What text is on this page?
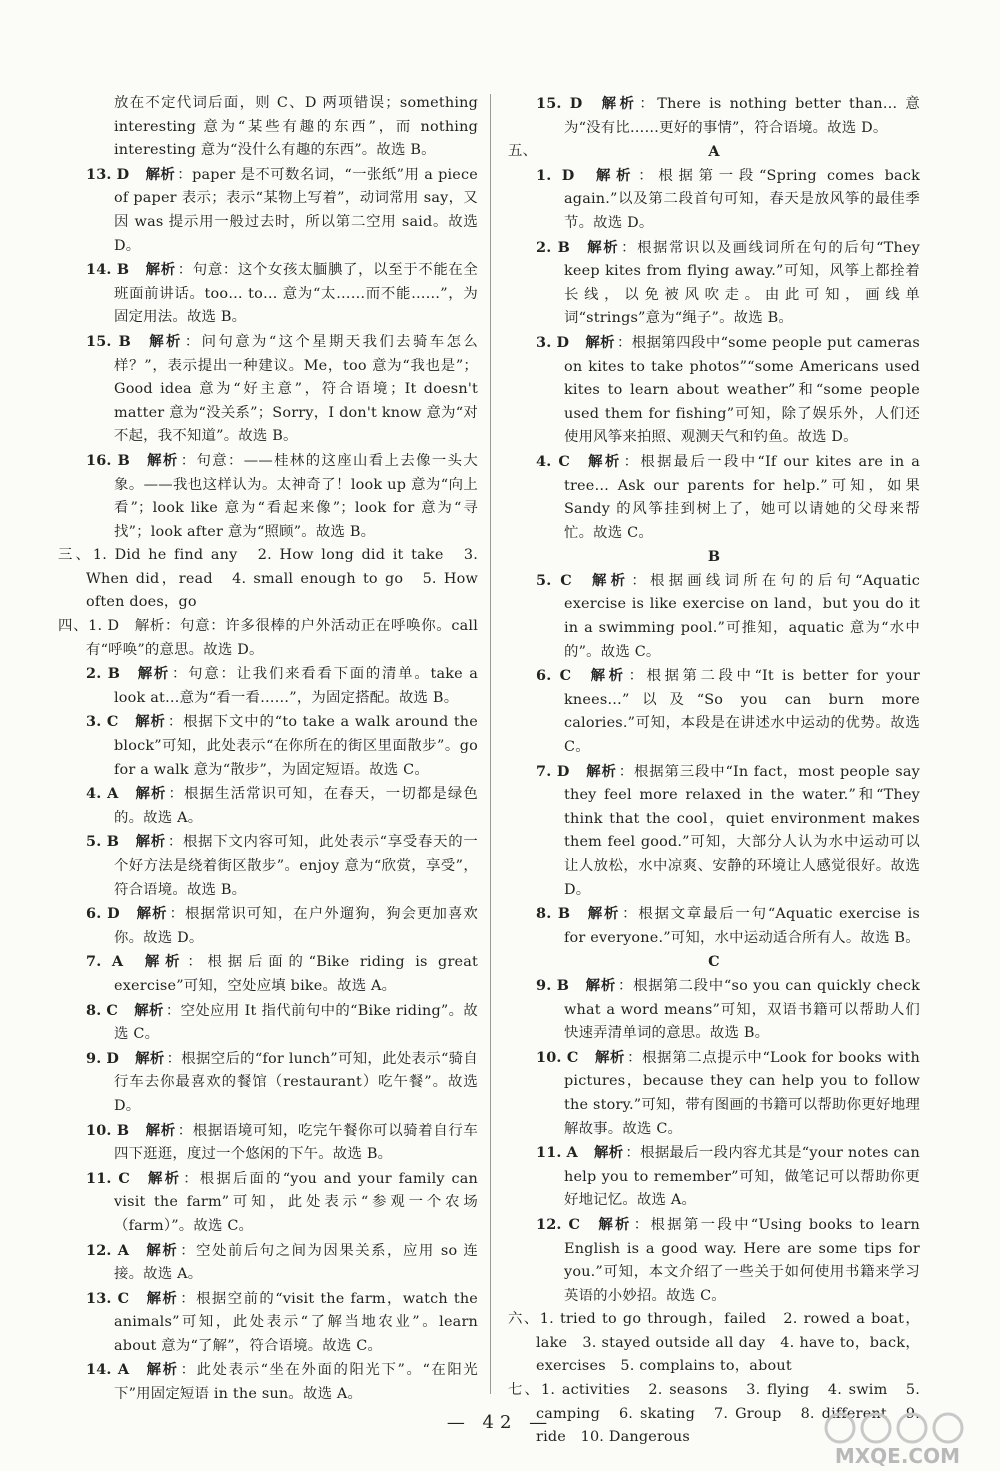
放在不定代词后面，则 C、D 两项错误；something interesting 意为“某些有趣的东西”，而 nothing interesting 意为“没什么有趣的东西”。故选 B。
13. D 解析 ：paper 是不可数名词，“一张纸”用 a piece of paper 表示；表示“某物上写着”，动词常用 say，又因 was 提示用一般过去时，所以第二空用 said。故选 D。
14. B 解析 ：句意：这个女孩太腼腆了，以至于不能在全班面前讲话。too… to… 意为“太……而不能……”，为固定用法。故选 B。
15. B 解析 ：问句意为“这个星期天我们去骑车怎么样？”，表示提出一种建议。Me，too 意为“我也是”；Good idea 意为“好主意”，符合语境；It doesn't matter 意为“没关系”；Sorry，I don't know 意为“对不起，我不知道”。故选 B。
16. B 解析 ：句意：——桂林的这座山看上去像一头大象。——我也这样认为。太神奇了！look up 意为“向上看”；look like 意为“看起来像”；look for 意为“寻找”；look after 意为“照顾”。故选 B。
三、1. Did he find any　2. How long did it take　3. When did，read　4. small enough to go　5. How often does，go
四、1. D　解析：句意：许多很棒的户外活动正在呼唤你。call 有“呼唤”的意思。故选 D。
2. B 解析 ：句意：让我们来看看下面的清单。take a look at…意为“看一看……”，为固定搭配。故选 B。
3. C 解析 ：根据下文中的“to take a walk around the block”可知，此处表示“在你所在的街区里面散步”。go for a walk 意为“散步”，为固定短语。故选 C。
4. A 解析 ：根据生活常识可知，在春天，一切都是绿色的。故选 A。
5. B 解析 ：根据下文内容可知，此处表示“享受春天的一个好方法是绕着街区散步”。enjoy 意为“欣赏，享受”，符合语境。故选 B。
6. D 解析 ：根据常识可知，在户外遛狗，狗会更加喜欢你。故选 D。
7. A 解析 ：根据后面的“Bike riding is great exercise”可知，空处应填 bike。故选 A。
8. C 解析 ：空处应用 It 指代前句中的“Bike riding”。故选 C。
9. D 解析 ：根据空后的“for lunch”可知，此处表示“骑自行车去你最喜欢的餐馆（restaurant）吃午餐”。故选 D。
10. B 解析 ：根据语境可知，吃完午餐你可以骑着自行车四下逛逛，度过一个悠闲的下午。故选 B。
11. C 解析 ：根据后面的“you and your family can visit the farm”可知，此处表示“参观一个农场（farm）”。故选 C。
12. A 解析 ：空处前后句之间为因果关系，应用 so 连接。故选 A。
13. C 解析 ：根据空前的“visit the farm，watch the animals”可知，此处表示“了解当地农业”。learn about 意为“了解”，符合语境。故选 C。
14. A 解析 ：此处表示“坐在外面的阳光下”。“在阳光下”用固定短语 in the sun。故选 A。
15. D 解析 ：There is nothing better than… 意为“没有比……更好的事情”，符合语境。故选 D。
五、	A
1. D 解析 ：根据第一段“Spring comes back again.”以及第二段首句可知，春天是放风筝的最佳季节。故选 D。
2. B 解析 ：根据常识以及画线词所在句的后句“They keep kites from flying away.”可知，风筝上都拴着长线，以免被风吹走。由此可知，画线单词“strings”意为“绳子”。故选 B。
3. D 解析 ：根据第四段中“some people put cameras on kites to take photos”“some Americans used kites to learn about weather”和“some people used them for fishing”可知，除了娱乐外，人们还使用风筝来拍照、观测天气和钓鱼。故选 D。
4. C 解析 ：根据最后一段中“If our kites are in a tree… Ask our parents for help.”可知，如果 Sandy 的风筝挂到树上了，她可以请她的父母来帮忙。故选 C。
B
5. C 解析 ：根据画线词所在句的后句“Aquatic exercise is like exercise on land，but you do it in a swimming pool.”可推知，aquatic 意为“水中的”。故选 C。
6. C 解析 ：根据第二段中“It is better for your knees…”以及“So you can burn more calories.”可知，本段是在讲述水中运动的优势。故选 C。
7. D 解析 ：根据第三段中“In fact，most people say they feel more relaxed in the water.”和“They think that the cool，quiet environment makes them feel good.”可知，大部分人认为水中运动可以让人放松，水中凉爽、安静的环境让人感觉很好。故选 D。
8. B 解析 ：根据文章最后一句“Aquatic exercise is for everyone.”可知，水中运动适合所有人。故选 B。
C
9. B 解析 ：根据第二段中“so you can quickly check what a word means”可知，双语书籍可以帮助人们快速弄清单词的意思。故选 B。
10. C 解析 ：根据第二点提示中“Look for books with pictures，because they can help you to follow the story.”可知，带有图画的书籍可以帮助你更好地理解故事。故选 C。
11. A 解析 ：根据最后一段内容尤其是“your notes can help you to remember”可知，做笔记可以帮助你更好地记忆。故选 A。
12. C 解析 ：根据第一段中“Using books to learn English is a good way. Here are some tips for you.”可知，本文介绍了一些关于如何使用书籍来学习英语的小妙招。故选 C。
六、1. tried to go through，failed　2. rowed a boat，lake　3. stayed outside all day　4. have to，back，exercises　5. complains to，about
七、1. activities　2. seasons　3. flying　4. swim　5. camping　6. skating　7. Group　8. different　9. ride　10. Dangerous
— 42 —
MXQE.COM
